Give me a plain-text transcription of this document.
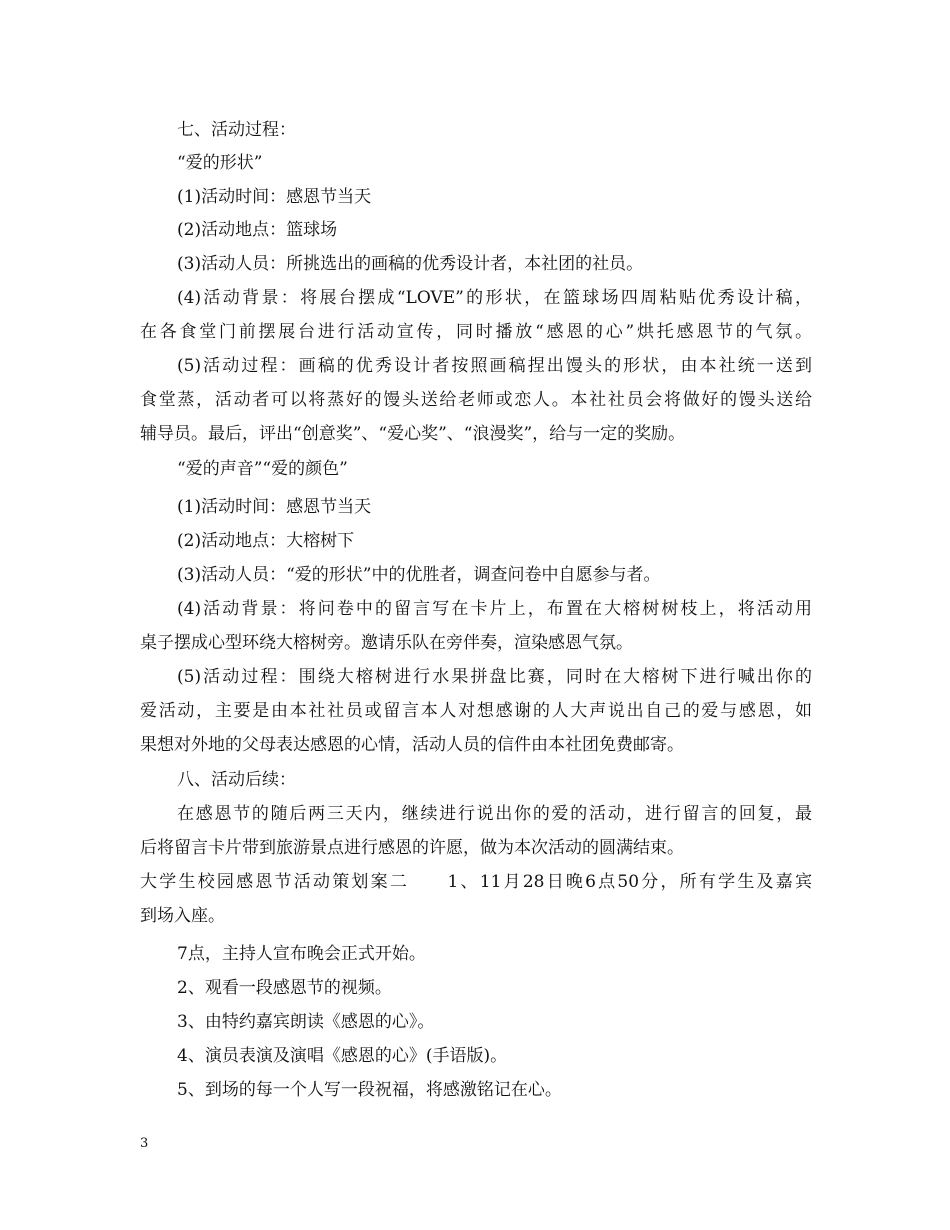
七、活动过程：
“爱的形状”
(1)活动时间：感恩节当天
(2)活动地点：篮球场
(3)活动人员：所挑选出的画稿的优秀设计者，本社团的社员。
(4)活动背景：将展台摆成“LOVE”的形状，在篮球场四周粘贴优秀设计稿，
在各食堂门前摆展台进行活动宣传，同时播放“感恩的心”烘托感恩节的气氛。
(5)活动过程：画稿的优秀设计者按照画稿捏出馒头的形状，由本社统一送到
食堂蒸，活动者可以将蒸好的馒头送给老师或恋人。本社社员会将做好的馒头送给
辅导员。最后，评出“创意奖”、“爱心奖”、“浪漫奖”，给与一定的奖励。
“爱的声音”“爱的颜色”
(1)活动时间：感恩节当天
(2)活动地点：大榕树下
(3)活动人员：“爱的形状”中的优胜者，调查问卷中自愿参与者。
(4)活动背景：将问卷中的留言写在卡片上，布置在大榕树树枝上，将活动用
桌子摆成心型环绕大榕树旁。邀请乐队在旁伴奏，渲染感恩气氛。
(5)活动过程：围绕大榕树进行水果拼盘比赛，同时在大榕树下进行喊出你的
爱活动，主要是由本社社员或留言本人对想感谢的人大声说出自己的爱与感恩，如
果想对外地的父母表达感恩的心情，活动人员的信件由本社团免费邮寄。
八、活动后续：
在感恩节的随后两三天内，继续进行说出你的爱的活动，进行留言的回复，最
后将留言卡片带到旅游景点进行感恩的许愿，做为本次活动的圆满结束。
大学生校园感恩节活动策划案二　　1、11月28日晚6点50分，所有学生及嘉宾
到场入座。
7点，主持人宣布晚会正式开始。
2、观看一段感恩节的视频。
3、由特约嘉宾朗读《感恩的心》。
4、演员表演及演唱《感恩的心》(手语版)。
5、到场的每一个人写一段祝福，将感激铭记在心。
3
